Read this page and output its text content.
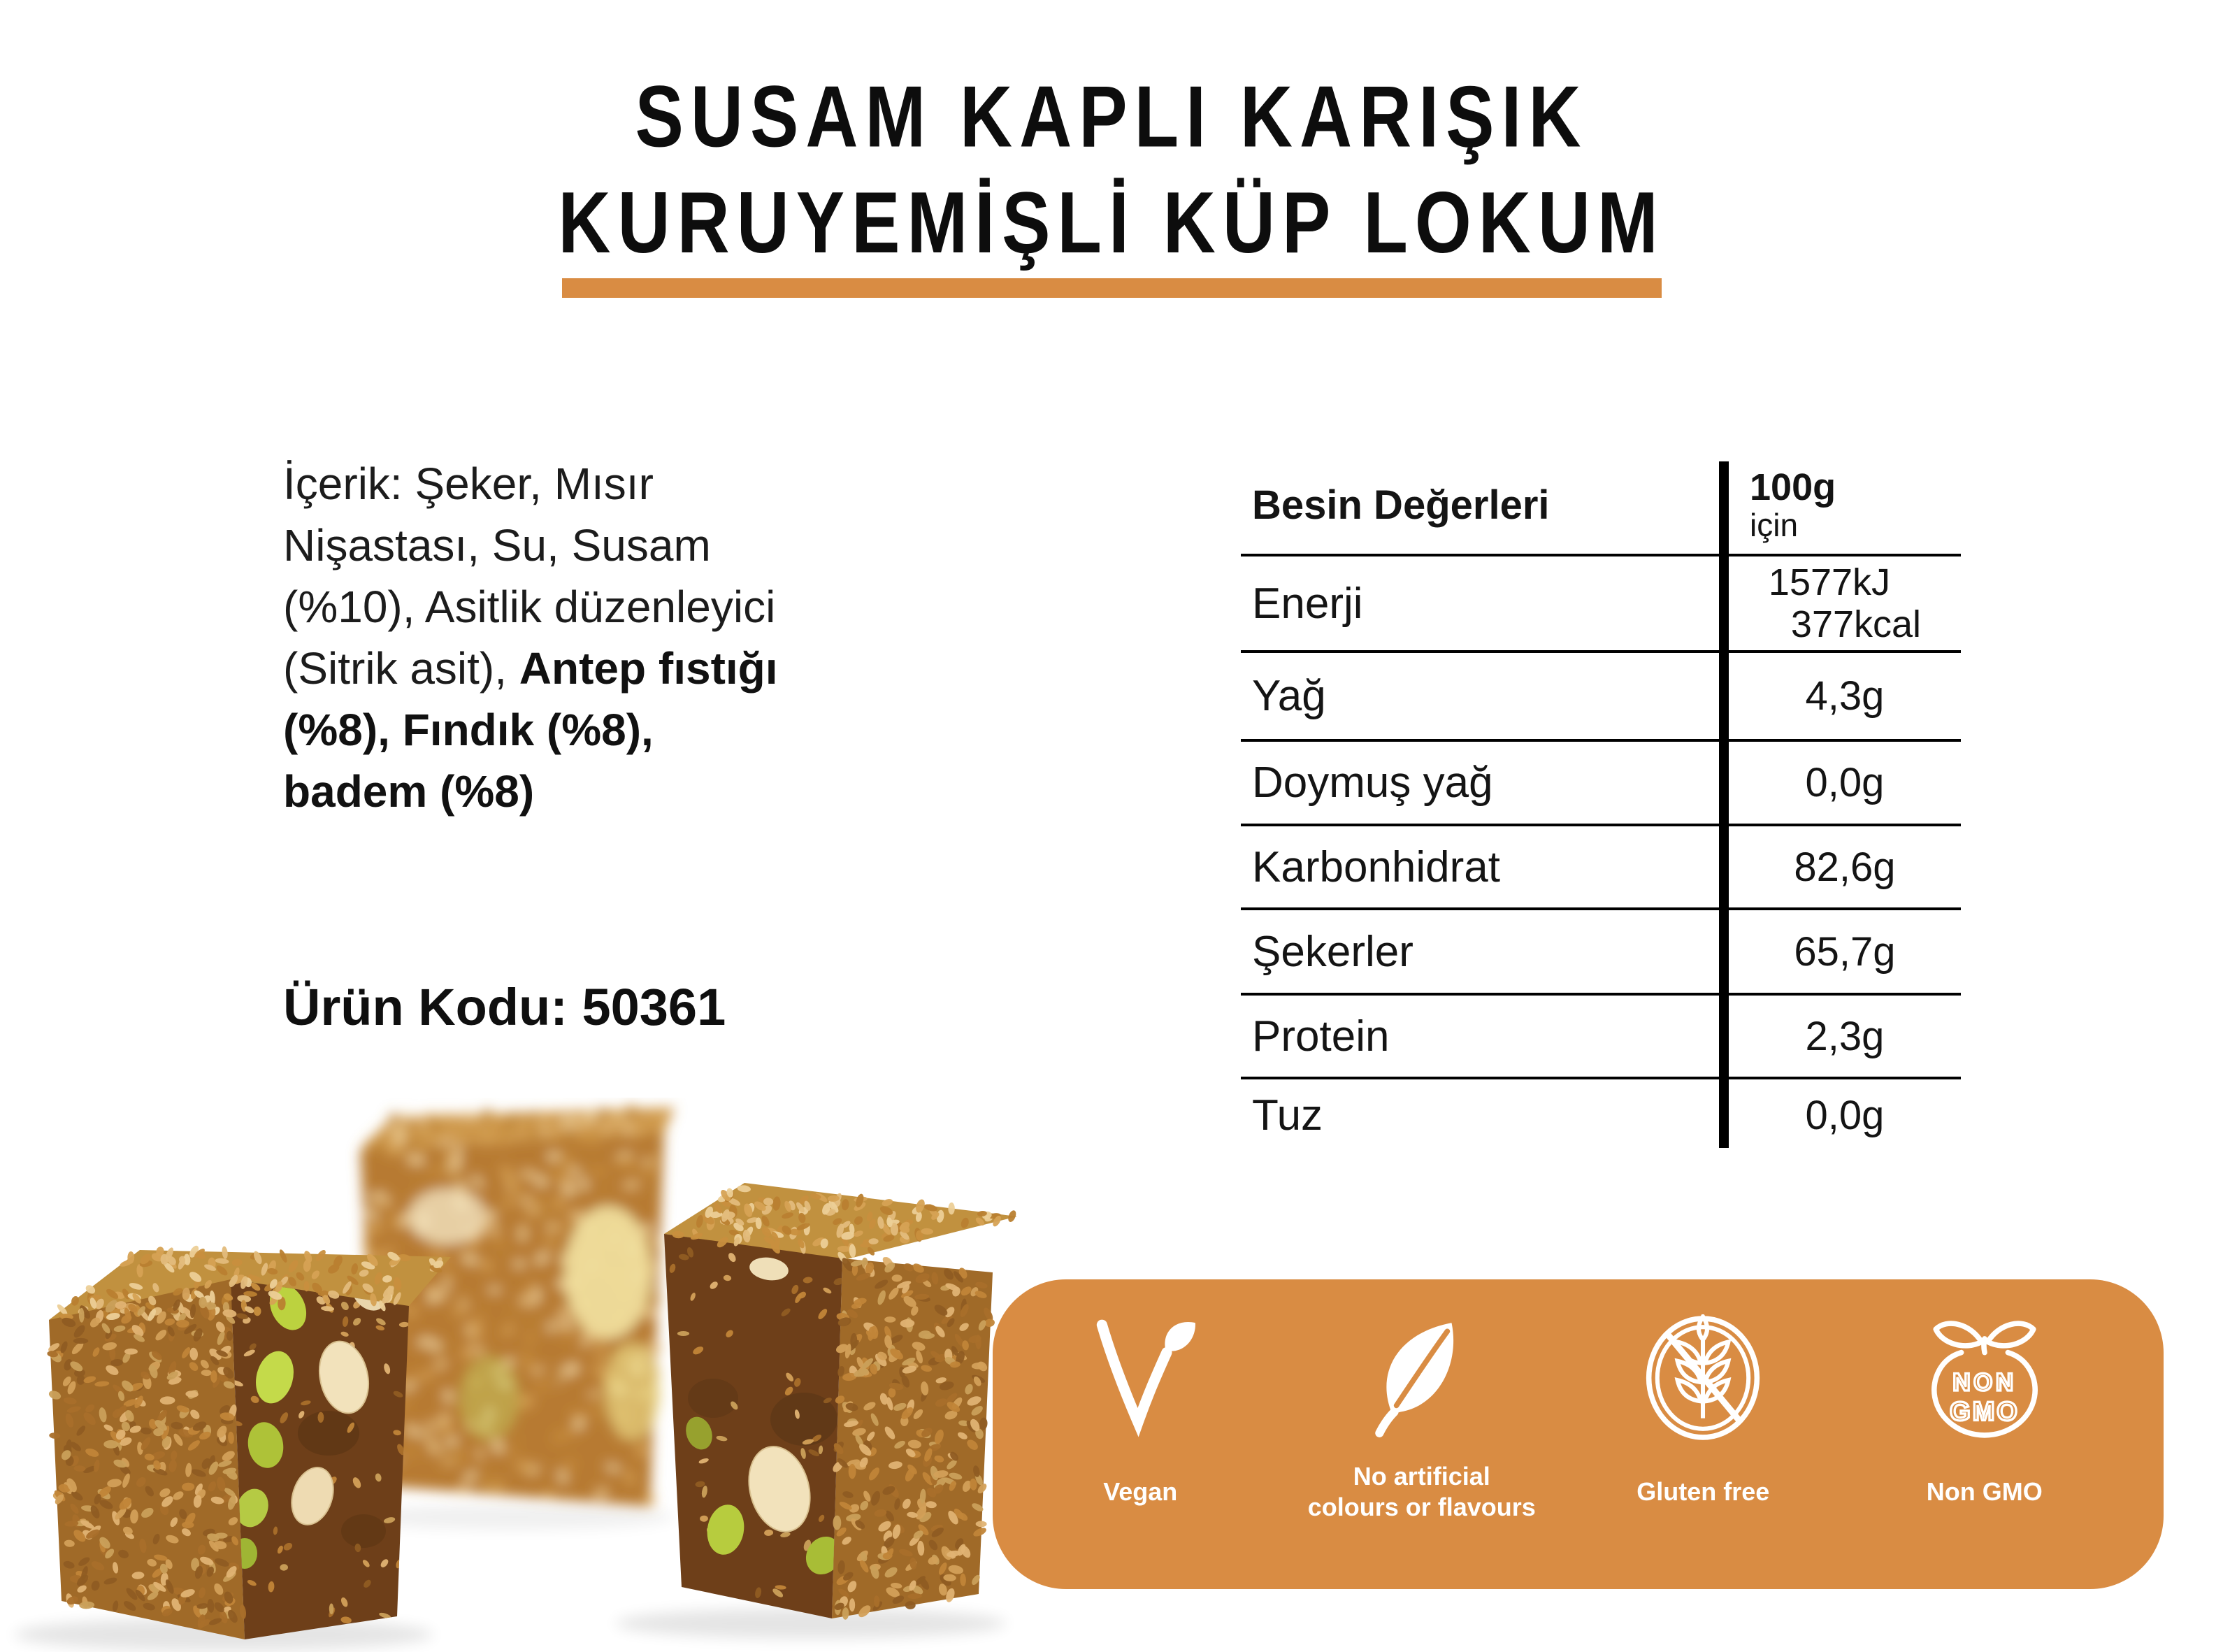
SUSAM KAPLI KARIŞIK
KURUYEMİŞLİ KÜP LOKUM
İçerik: Şeker, Mısır
Nişastası, Su, Susam
(%10), Asitlik düzenleyici
(Sitrik asit), Antep fıstığı
(%8), Fındık (%8),
badem (%8)
Ürün Kodu: 50361
Besin Değerleri	100g
için
Enerji	1577kJ
377kcal
Yağ	4,3g
Doymuş yağ	0,0g
Karbonhidrat	82,6g
Şekerler	65,7g
Protein	2,3g
Tuz	0,0g
Vegan
No artificial
colours or flavours
Gluten free
NON
GMO
Non GMO
